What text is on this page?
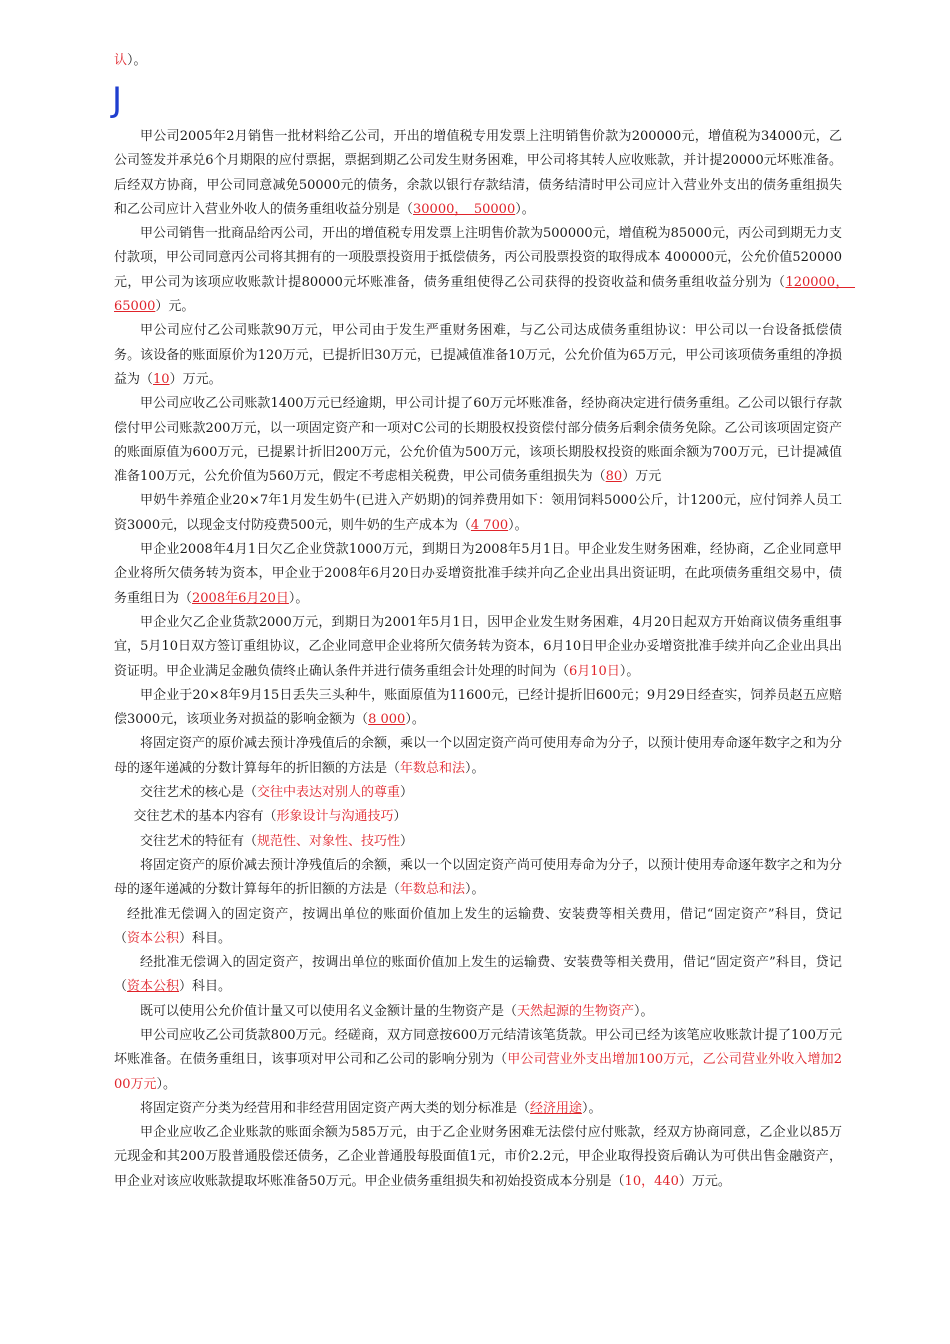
认）。
J

甲公司2005年2月销售一批材料给乙公司，开出的增值税专用发票上注明销售价款为200000元，增值税为34000元，乙公司签发并承兑6个月期限的应付票据，票据到期乙公司发生财务困难，甲公司将其转人应收账款，并计提20000元坏账准备。后经双方协商，甲公司同意减免50000元的债务，余款以银行存款结清，债务结清时甲公司应计入营业外支出的债务重组损失和乙公司应计入营业外收人的债务重组收益分别是（30000，　50000）。

甲公司销售一批商品给丙公司，开出的增值税专用发票上注明售价款为500000元，增值税为85000元，丙公司到期无力支付款项，甲公司同意丙公司将其拥有的一项股票投资用于抵偿债务，丙公司股票投资的取得成本 400000元，公允价值520000元，甲公司为该项应收账款计提80000元坏账准备，债务重组使得乙公司获得的投资收益和债务重组收益分别为（120000，　65000）元。

甲公司应付乙公司账款90万元，甲公司由于发生严重财务困难，与乙公司达成债务重组协议：甲公司以一台设备抵偿债务。该设备的账面原价为120万元，已提折旧30万元，已提减值准备10万元，公允价值为65万元，甲公司该项债务重组的净损益为（10）万元。

甲公司应收乙公司账款1400万元已经逾期，甲公司计提了60万元坏账准备，经协商决定进行债务重组。乙公司以银行存款偿付甲公司账款200万元，以一项固定资产和一项对C公司的长期股权投资偿付部分债务后剩余债务免除。乙公司该项固定资产的账面原值为600万元，已提累计折旧200万元，公允价值为500万元，该项长期股权投资的账面余额为700万元，已计提减值准备100万元，公允价值为560万元，假定不考虑相关税费，甲公司债务重组损失为（80）万元

甲奶牛养殖企业20×7年1月发生奶牛(已进入产奶期)的饲养费用如下：领用饲料5000公斤，计1200元，应付饲养人员工资3000元，以现金支付防疫费500元，则牛奶的生产成本为（4 700）。

甲企业2008年4月1日欠乙企业贷款1000万元，到期日为2008年5月1日。甲企业发生财务困难，经协商，乙企业同意甲企业将所欠债务转为资本，甲企业于2008年6月20日办妥增资批准手续并向乙企业出具出资证明，在此项债务重组交易中，债务重组日为（2008年6月20日）。

甲企业欠乙企业货款2000万元，到期日为2001年5月1日，因甲企业发生财务困难，4月20日起双方开始商议债务重组事宜，5月10日双方签订重组协议，乙企业同意甲企业将所欠债务转为资本，6月10日甲企业办妥增资批准手续并向乙企业出具出资证明。甲企业满足金融负债终止确认条件并进行债务重组会计处理的时间为（6月10日）。

甲企业于20×8年9月15日丢失三头种牛，账面原值为11600元，已经计提折旧600元；9月29日经查实，饲养员赵五应赔偿3000元，该项业务对损益的影响金额为（8 000）。

将固定资产的原价减去预计净残值后的余额，乘以一个以固定资产尚可使用寿命为分子，以预计使用寿命逐年数字之和为分母的逐年递减的分数计算每年的折旧额的方法是（年数总和法）。

交往艺术的核心是（交往中表达对别人的尊重）

交往艺术的基本内容有（形象设计与沟通技巧）

交往艺术的特征有（规范性、对象性、技巧性）

将固定资产的原价减去预计净残值后的余额，乘以一个以固定资产尚可使用寿命为分子，以预计使用寿命逐年数字之和为分母的逐年递减的分数计算每年的折旧额的方法是（年数总和法）。

经批准无偿调入的固定资产，按调出单位的账面价值加上发生的运输费、安装费等相关费用，借记“固定资产”科目，贷记（资本公积）科目。

经批准无偿调入的固定资产，按调出单位的账面价值加上发生的运输费、安装费等相关费用，借记“固定资产”科目，贷记（资本公积）科目。

既可以使用公允价值计量又可以使用名义金额计量的生物资产是（天然起源的生物资产）。

甲公司应收乙公司货款800万元。经磋商，双方同意按600万元结清该笔货款。甲公司已经为该笔应收账款计提了100万元坏账准备。在债务重组日，该事项对甲公司和乙公司的影响分别为（甲公司营业外支出增加100万元，乙公司营业外收入增加200万元）。

将固定资产分类为经营用和非经营用固定资产两大类的划分标准是（经济用途）。

甲企业应收乙企业账款的账面余额为585万元，由于乙企业财务困难无法偿付应付账款，经双方协商同意，乙企业以85万元现金和其200万股普通股偿还债务，乙企业普通股每股面值1元，市价2.2元，甲企业取得投资后确认为可供出售金融资产，甲企业对该应收账款提取坏账准备50万元。甲企业债务重组损失和初始投资成本分别是（10，440）万元。
